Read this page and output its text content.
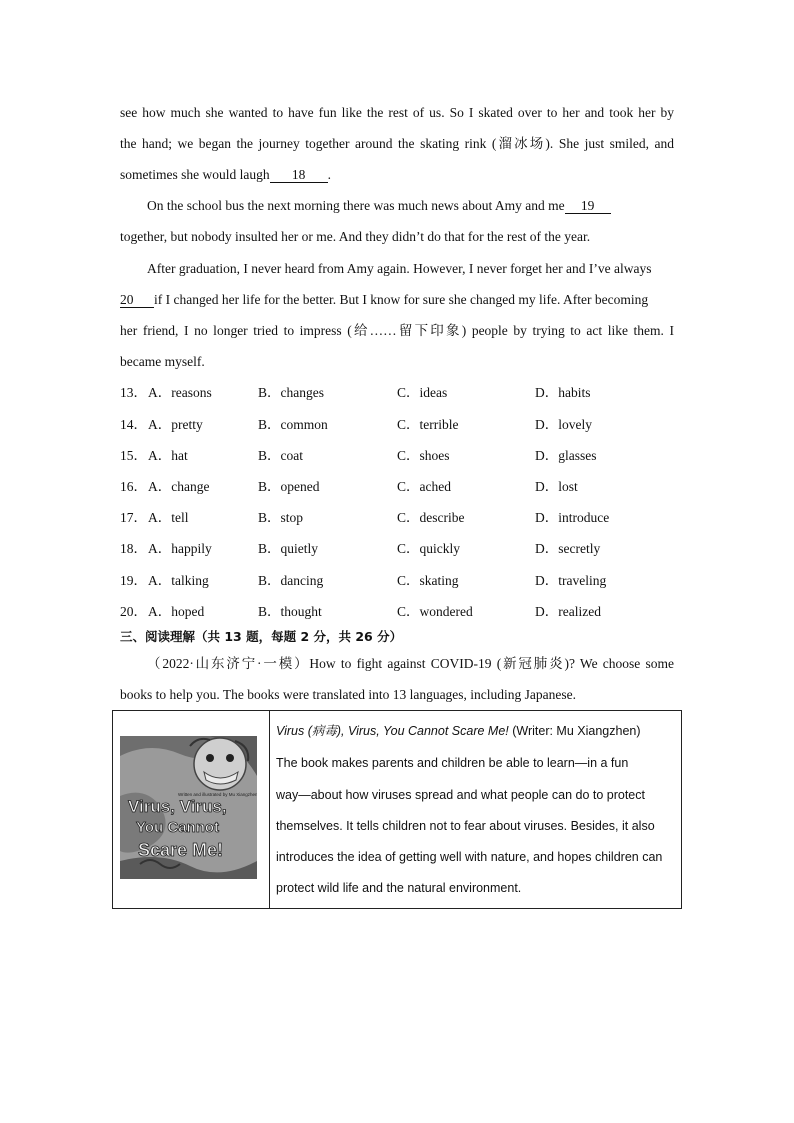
see how much she wanted to have fun like the rest of us. So I skated over to her and took her by
the hand; we began the journey together around the skating rink (溜冰场). She just smiled, and
sometimes she would laugh 18 .
On the school bus the next morning there was much news about Amy and me 19
together, but nobody insulted her or me. And they didn’t do that for the rest of the year.
After graduation, I never heard from Amy again. However, I never forget her and I’ve always
20 if I changed her life for the better. But I know for sure she changed my life. After becoming
her friend, I no longer tried to impress (给……留下印象) people by trying to act like them. I
became myself.
13． A．reasons	B．changes	C．ideas	D．habits
14． A．pretty	B．common	C．terrible	D．lovely
15． A．hat	B．coat	C．shoes	D．glasses
16． A．change	B．opened	C．ached	D．lost
17． A．tell	B．stop	C．describe	D．introduce
18． A．happily	B．quietly	C．quickly	D．secretly
19． A．talking	B．dancing	C．skating	D．traveling
20． A．hoped	B．thought	C．wondered	D．realized
三、阅读理解（共 13 题，每题 2 分，共 26 分）
（2022·山东济宁·一模）How to fight against COVID-19 (新冠肺炎)? We choose some
books to help you. The books were translated into 13 languages, including Japanese.

Written and illustrated by Mu Xiangzhen
Virus, Virus,
You Cannot
Scare Me!
Virus (病毒), Virus, You Cannot Scare Me! (Writer: Mu Xiangzhen)
The book makes parents and children be able to learn—in a fun
way—about how viruses spread and what people can do to protect
themselves. It tells children not to fear about viruses. Besides, it also
introduces the idea of getting well with nature, and hopes children can
protect wild life and the natural environment.
